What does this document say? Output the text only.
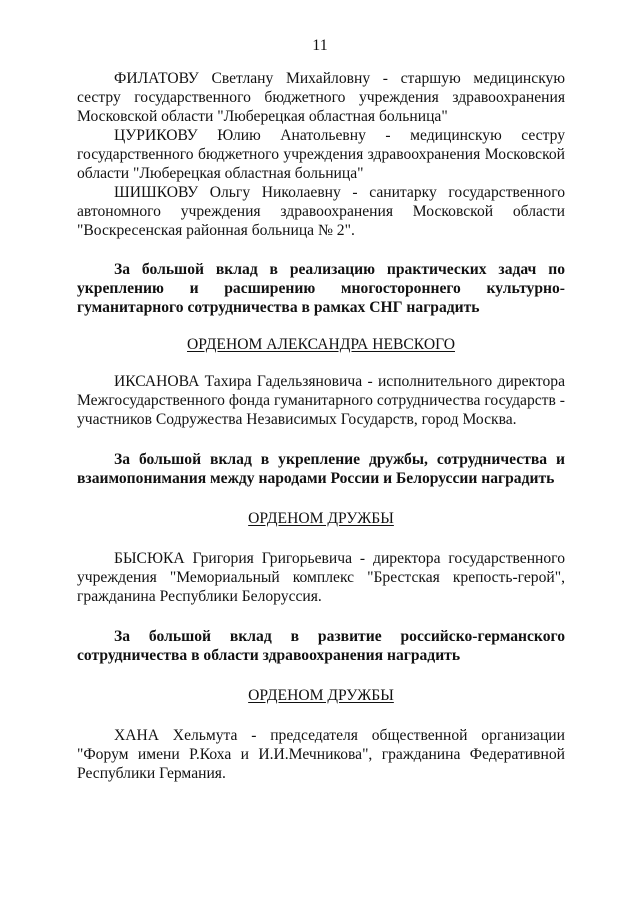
11

ФИЛАТОВУ Светлану Михайловну - старшую медицинскую сестру государственного бюджетного учреждения здравоохранения Московской области "Люберецкая областная больница"

ЦУРИКОВУ Юлию Анатольевну - медицинскую сестру государственного бюджетного учреждения здравоохранения Московской области "Люберецкая областная больница"

ШИШКОВУ Ольгу Николаевну - санитарку государственного автономного учреждения здравоохранения Московской области "Воскресенская районная больница № 2".

За большой вклад в реализацию практических задач по укреплению и расширению многостороннего культурно-гуманитарного сотрудничества в рамках СНГ наградить

ОРДЕНОМ АЛЕКСАНДРА НЕВСКОГО

ИКСАНОВА Тахира Гадельзяновича - исполнительного директора Межгосударственного фонда гуманитарного сотрудничества государств - участников Содружества Независимых Государств, город Москва.

За большой вклад в укрепление дружбы, сотрудничества и взаимопонимания между народами России и Белоруссии наградить

ОРДЕНОМ ДРУЖБЫ

БЫСЮКА Григория Григорьевича - директора государственного учреждения "Мемориальный комплекс "Брестская крепость-герой", гражданина Республики Белоруссия.

За большой вклад в развитие российско-германского сотрудничества в области здравоохранения наградить

ОРДЕНОМ ДРУЖБЫ

ХАНА Хельмута - председателя общественной организации "Форум имени Р.Коха и И.И.Мечникова", гражданина Федеративной Республики Германия.
